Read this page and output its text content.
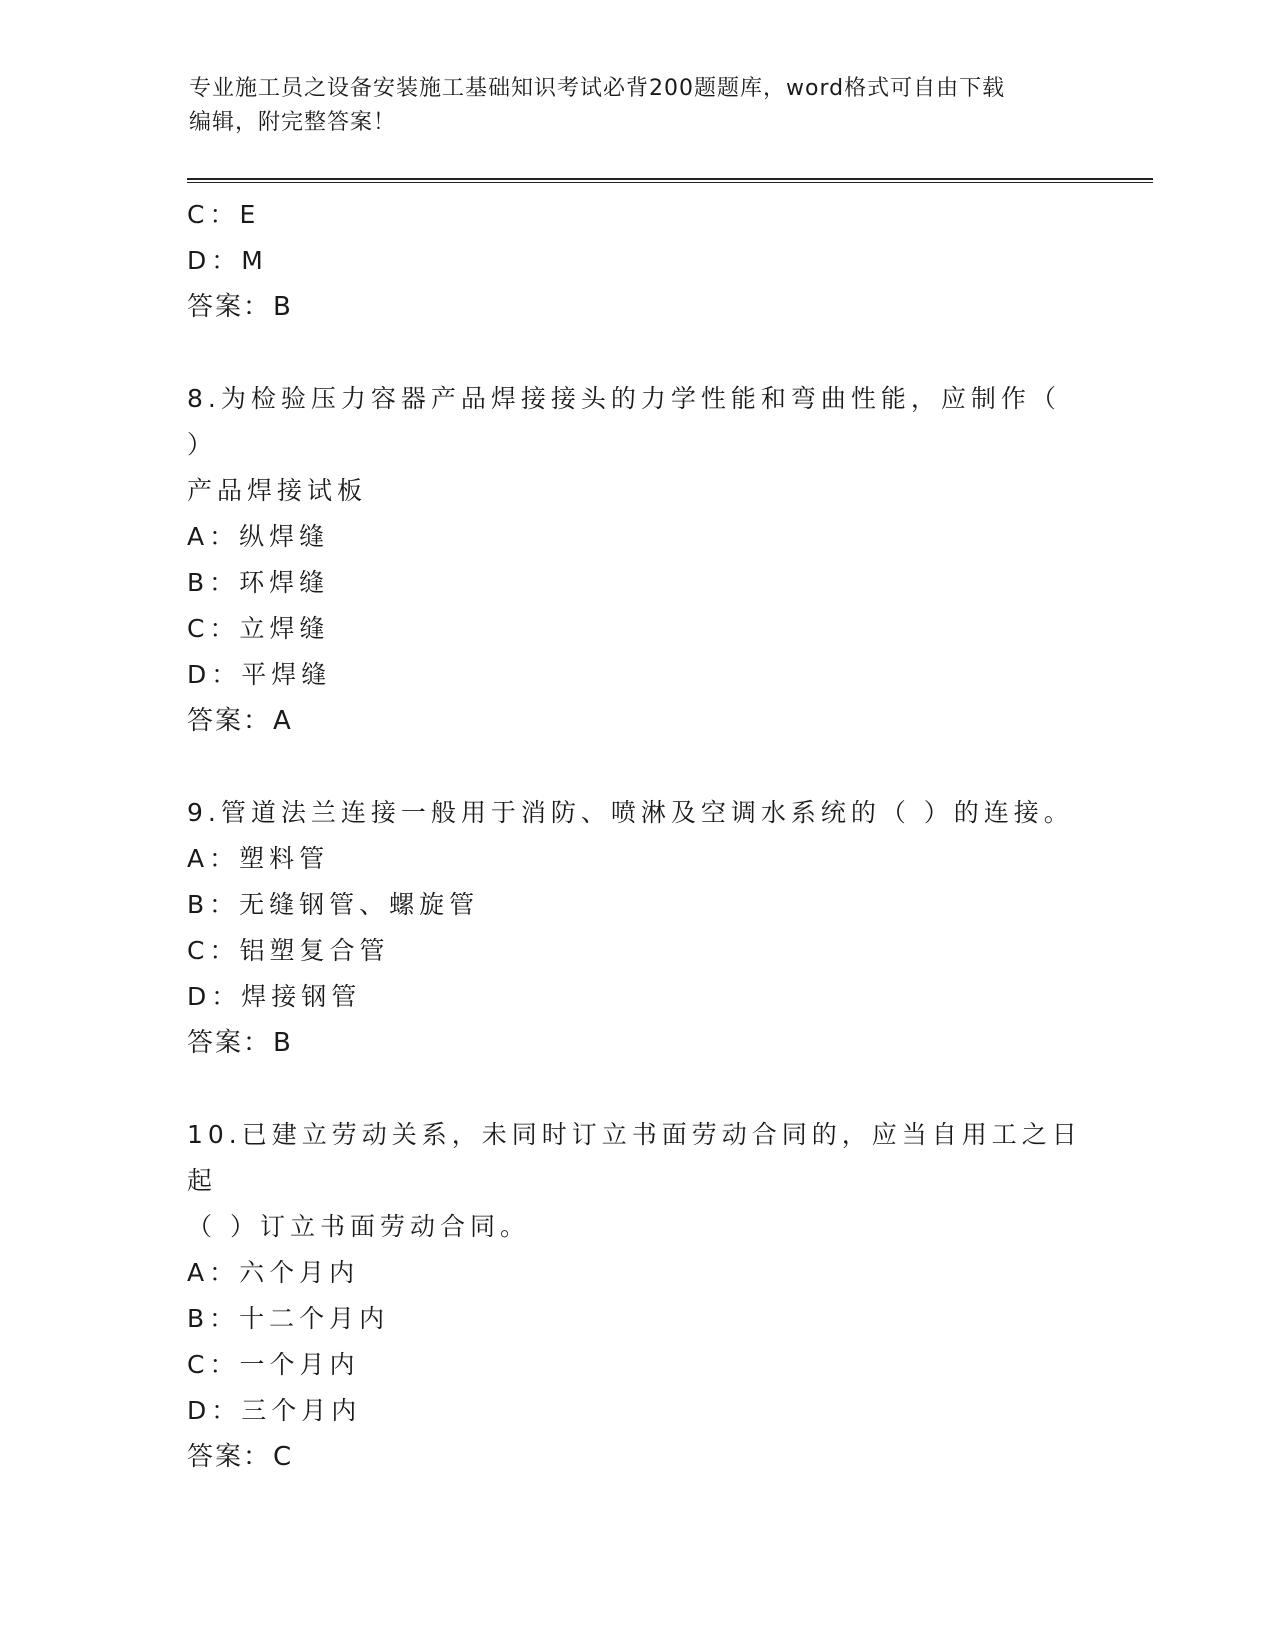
专业施工员之设备安装施工基础知识考试必背200题题库，word格式可自由下载
编辑，附完整答案！
C：E
D：M
答案：B
8.为检验压力容器产品焊接接头的力学性能和弯曲性能，应制作（ ）
产品焊接试板
A：纵焊缝
B：环焊缝
C：立焊缝
D：平焊缝
答案：A
9.管道法兰连接一般用于消防、喷淋及空调水系统的（ ）的连接。
A：塑料管
B：无缝钢管、螺旋管
C：铝塑复合管
D：焊接钢管
答案：B
10.已建立劳动关系，未同时订立书面劳动合同的，应当自用工之日起
（ ）订立书面劳动合同。
A：六个月内
B：十二个月内
C：一个月内
D：三个月内
答案：C
